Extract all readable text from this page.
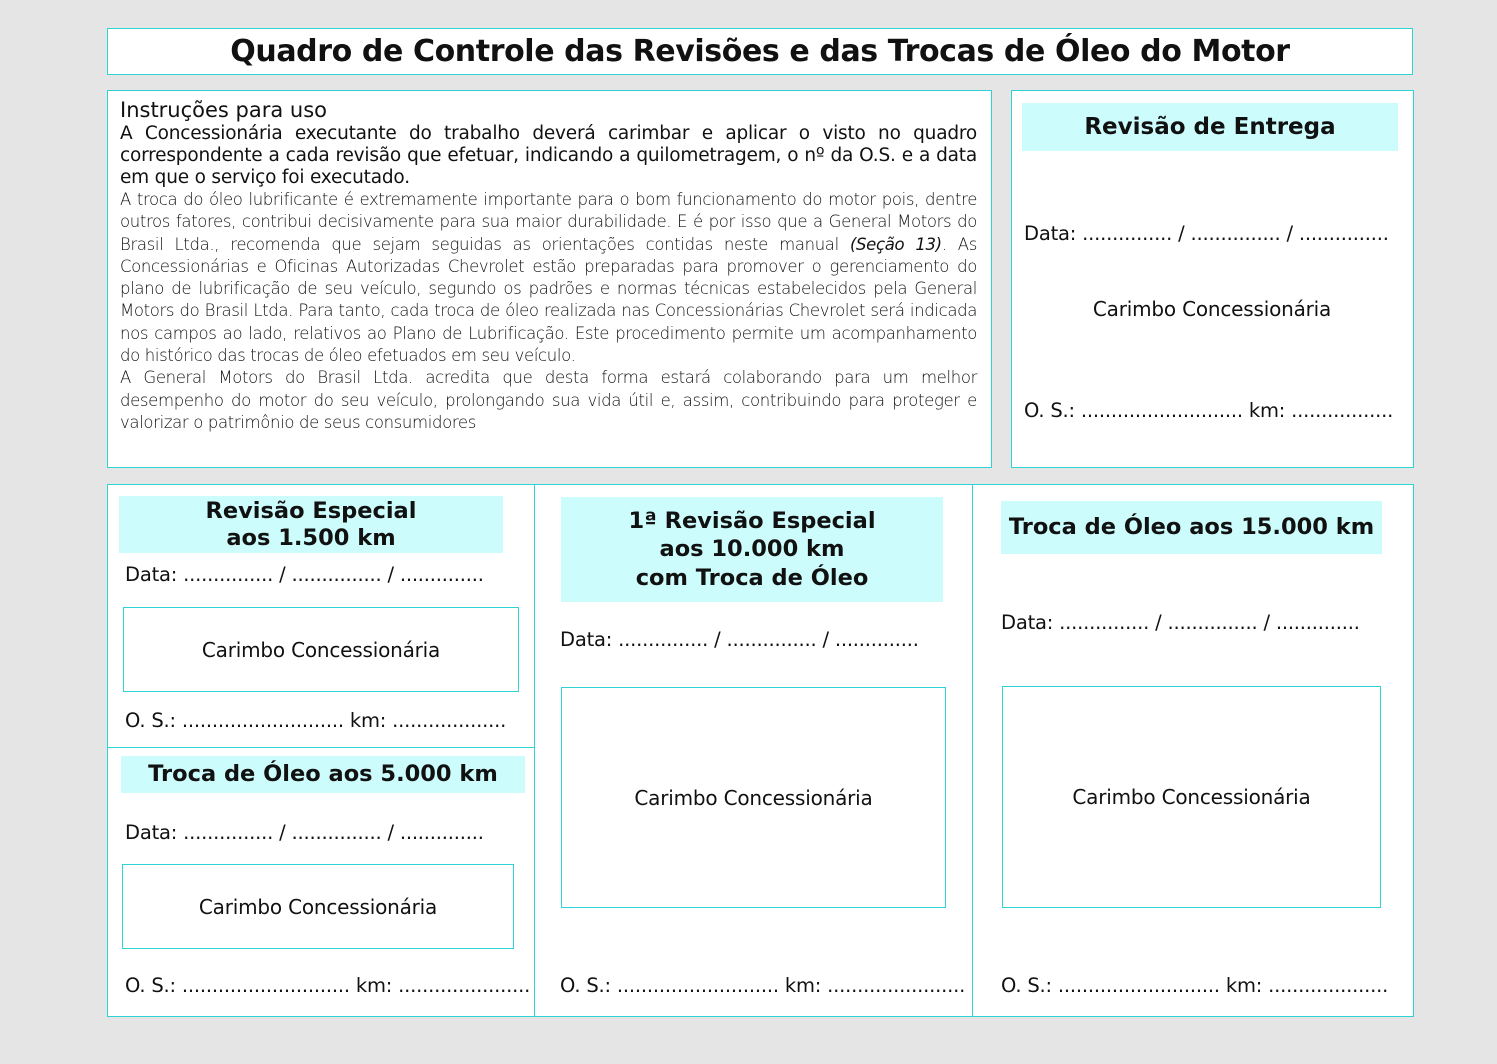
Quadro de Controle das Revisões e das Trocas de Óleo do Motor
Instruções para uso

A Concessionária executante do trabalho deverá carimbar e aplicar o visto no quadro correspondente a cada revisão que efetuar, indicando a quilometragem, o nº da O.S. e a data em que o serviço foi executado.

A troca do óleo lubrificante é extremamente importante para o bom funcionamento do motor pois, dentre outros fatores, contribui decisivamente para sua maior durabilidade. E é por isso que a General Motors do Brasil Ltda., recomenda que sejam seguidas as orientações contidas neste manual (Seção 13). As Concessionárias e Oficinas Autorizadas Chevrolet estão preparadas para promover o gerenciamento do plano de lubrificação de seu veículo, segundo os padrões e normas técnicas estabelecidos pela General Motors do Brasil Ltda. Para tanto, cada troca de óleo realizada nas Concessionárias Chevrolet será indicada nos campos ao lado, relativos ao Plano de Lubrificação. Este procedimento permite um acompanhamento do histórico das trocas de óleo efetuados em seu veículo.

A General Motors do Brasil Ltda. acredita que desta forma estará colaborando para um melhor desempenho do motor do seu veículo, prolongando sua vida útil e, assim, contribuindo para proteger e valorizar o patrimônio de seus consumidores

Revisão de Entrega
Data: ............... / ............... / ...............
Carimbo Concessionária
O. S.: ........................... km: .................
Revisão Especial
aos 1.500 km
Data: ............... / ............... / ..............
Carimbo Concessionária
O. S.: ........................... km: ...................
Troca de Óleo aos 5.000 km
Data: ............... / ............... / ..............
Carimbo Concessionária
O. S.: ............................ km: ......................
1ª Revisão Especial
aos 10.000 km
com Troca de Óleo
Data: ............... / ............... / ..............
Carimbo Concessionária
O. S.: ........................... km: .......................
Troca de Óleo aos 15.000 km
Data: ............... / ............... / ..............
Carimbo Concessionária
O. S.: ........................... km: ....................
